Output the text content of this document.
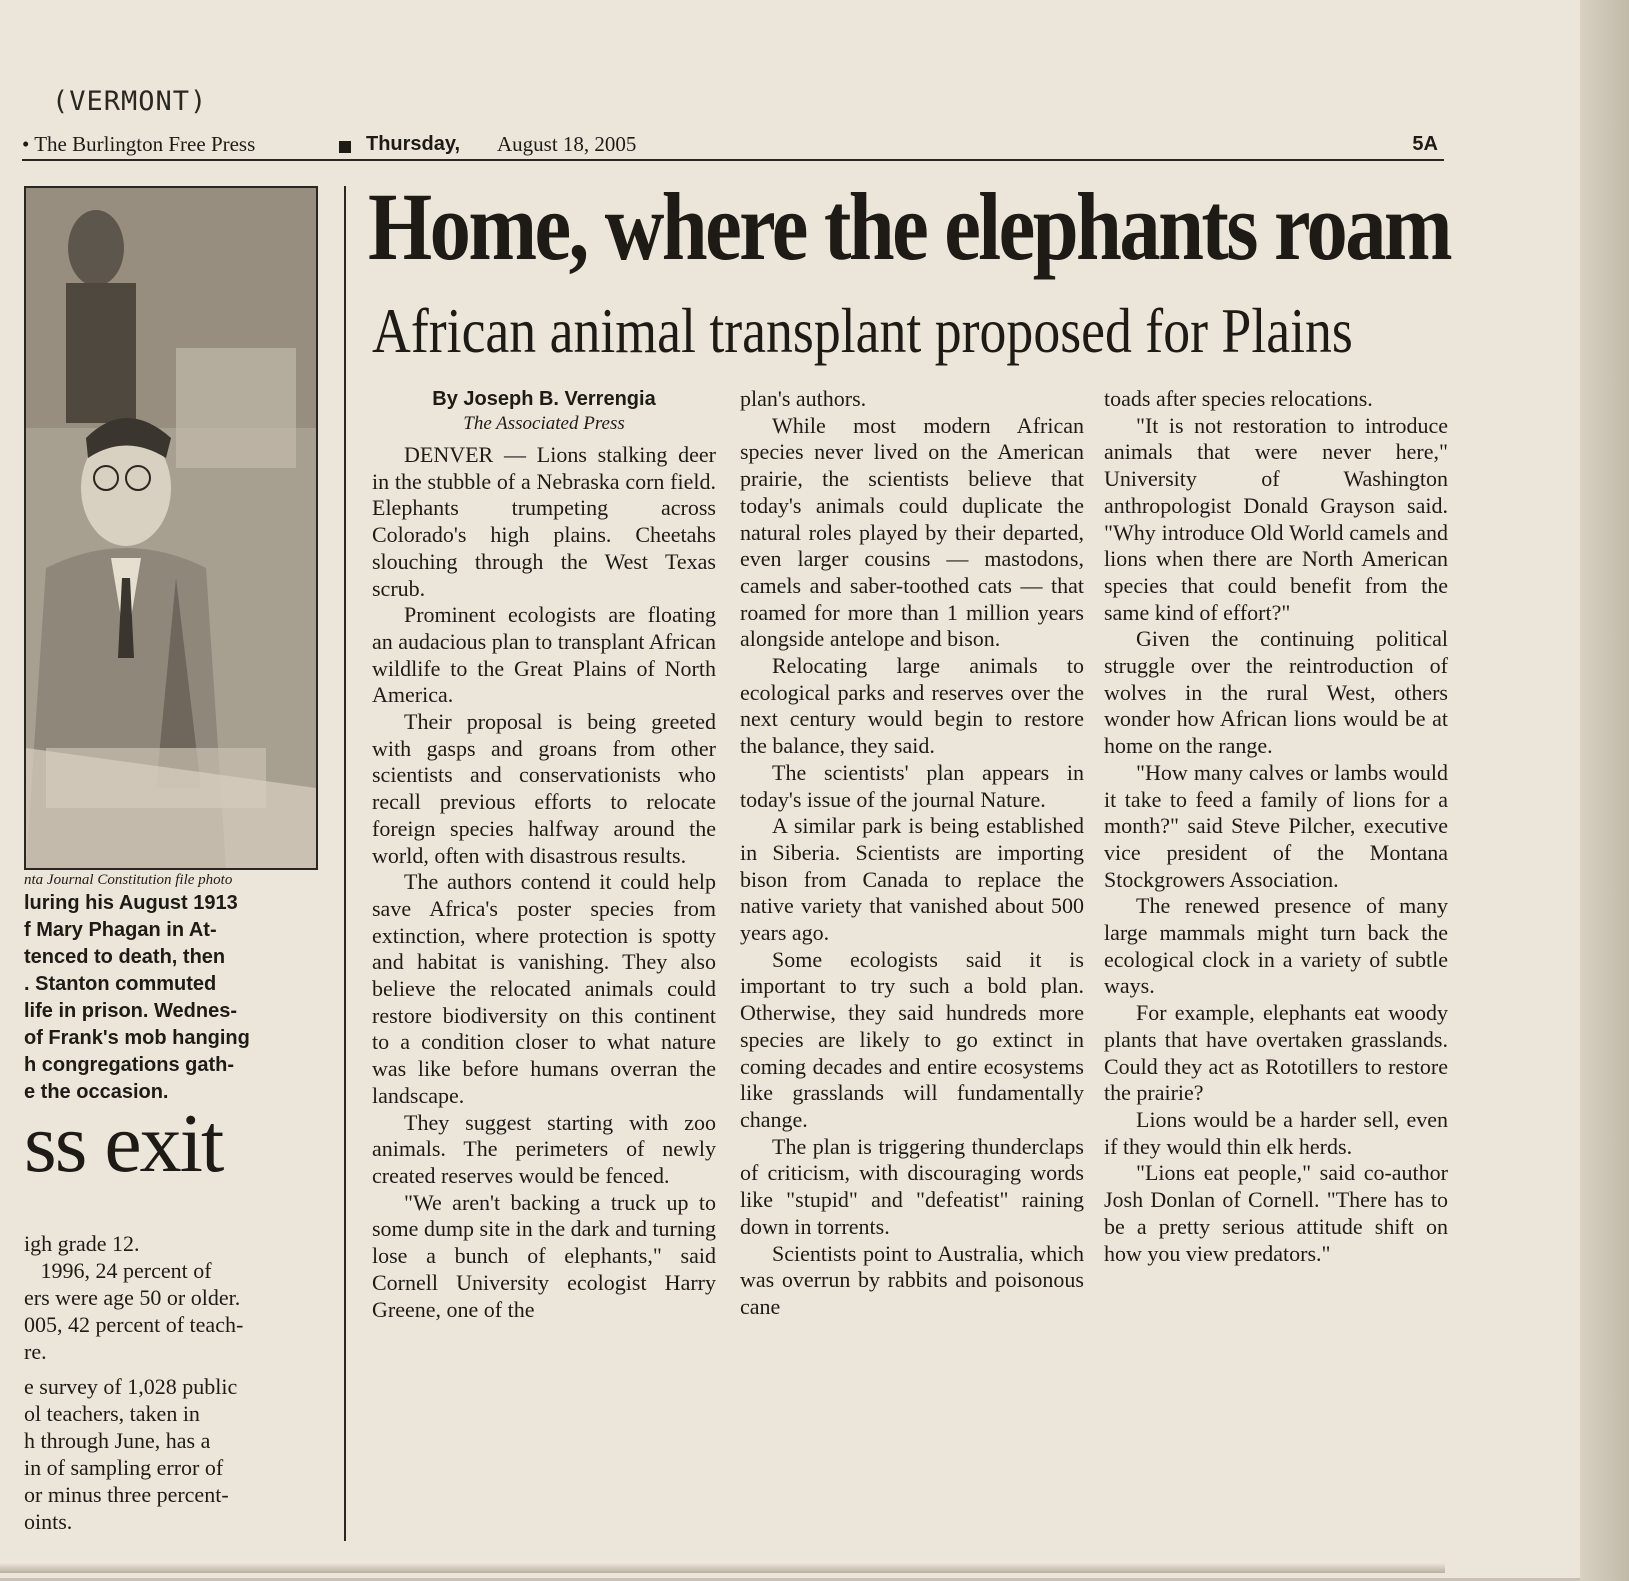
(VERMONT)
• The Burlington Free Press	Thursday, August 18, 2005	5A
nta Journal Constitution file photo
luring his August 1913
f Mary Phagan in At-
tenced to death, then
. Stanton commuted
life in prison. Wednes-
of Frank's mob hanging
h congregations gath-
e the occasion.
ss exit
igh grade 12.
1996, 24 percent of
ers were age 50 or older.
005, 42 percent of teach-
re.
e survey of 1,028 public
ol teachers, taken in
h through June, has a
in of sampling error of
or minus three percent-
oints.
Home, where the elephants roam
African animal transplant proposed for Plains
By Joseph B. Verrengia
The Associated Press

DENVER — Lions stalking deer in the stubble of a Nebraska corn field. Elephants trumpeting across Colorado's high plains. Cheetahs slouching through the West Texas scrub.

Prominent ecologists are floating an audacious plan to transplant African wildlife to the Great Plains of North America.

Their proposal is being greeted with gasps and groans from other scientists and conservationists who recall previous efforts to relocate foreign species halfway around the world, often with disastrous results.

The authors contend it could help save Africa's poster species from extinction, where protection is spotty and habitat is vanishing. They also believe the relocated animals could restore biodiversity on this continent to a condition closer to what nature was like before humans overran the landscape.

They suggest starting with zoo animals. The perimeters of newly created reserves would be fenced.

"We aren't backing a truck up to some dump site in the dark and turning lose a bunch of elephants," said Cornell University ecologist Harry Greene, one of the

plan's authors.

While most modern African species never lived on the American prairie, the scientists believe that today's animals could duplicate the natural roles played by their departed, even larger cousins — mastodons, camels and saber-toothed cats — that roamed for more than 1 million years alongside antelope and bison.

Relocating large animals to ecological parks and reserves over the next century would begin to restore the balance, they said.

The scientists' plan appears in today's issue of the journal Nature.

A similar park is being established in Siberia. Scientists are importing bison from Canada to replace the native variety that vanished about 500 years ago.

Some ecologists said it is important to try such a bold plan. Otherwise, they said hundreds more species are likely to go extinct in coming decades and entire ecosystems like grasslands will fundamentally change.

The plan is triggering thunderclaps of criticism, with discouraging words like "stupid" and "defeatist" raining down in torrents.

Scientists point to Australia, which was overrun by rabbits and poisonous cane

toads after species relocations.

"It is not restoration to introduce animals that were never here," University of Washington anthropologist Donald Grayson said. "Why introduce Old World camels and lions when there are North American species that could benefit from the same kind of effort?"

Given the continuing political struggle over the reintroduction of wolves in the rural West, others wonder how African lions would be at home on the range.

"How many calves or lambs would it take to feed a family of lions for a month?" said Steve Pilcher, executive vice president of the Montana Stockgrowers Association.

The renewed presence of many large mammals might turn back the ecological clock in a variety of subtle ways.

For example, elephants eat woody plants that have overtaken grasslands. Could they act as Rototillers to restore the prairie?

Lions would be a harder sell, even if they would thin elk herds.

"Lions eat people," said co-author Josh Donlan of Cornell. "There has to be a pretty serious attitude shift on how you view predators."
